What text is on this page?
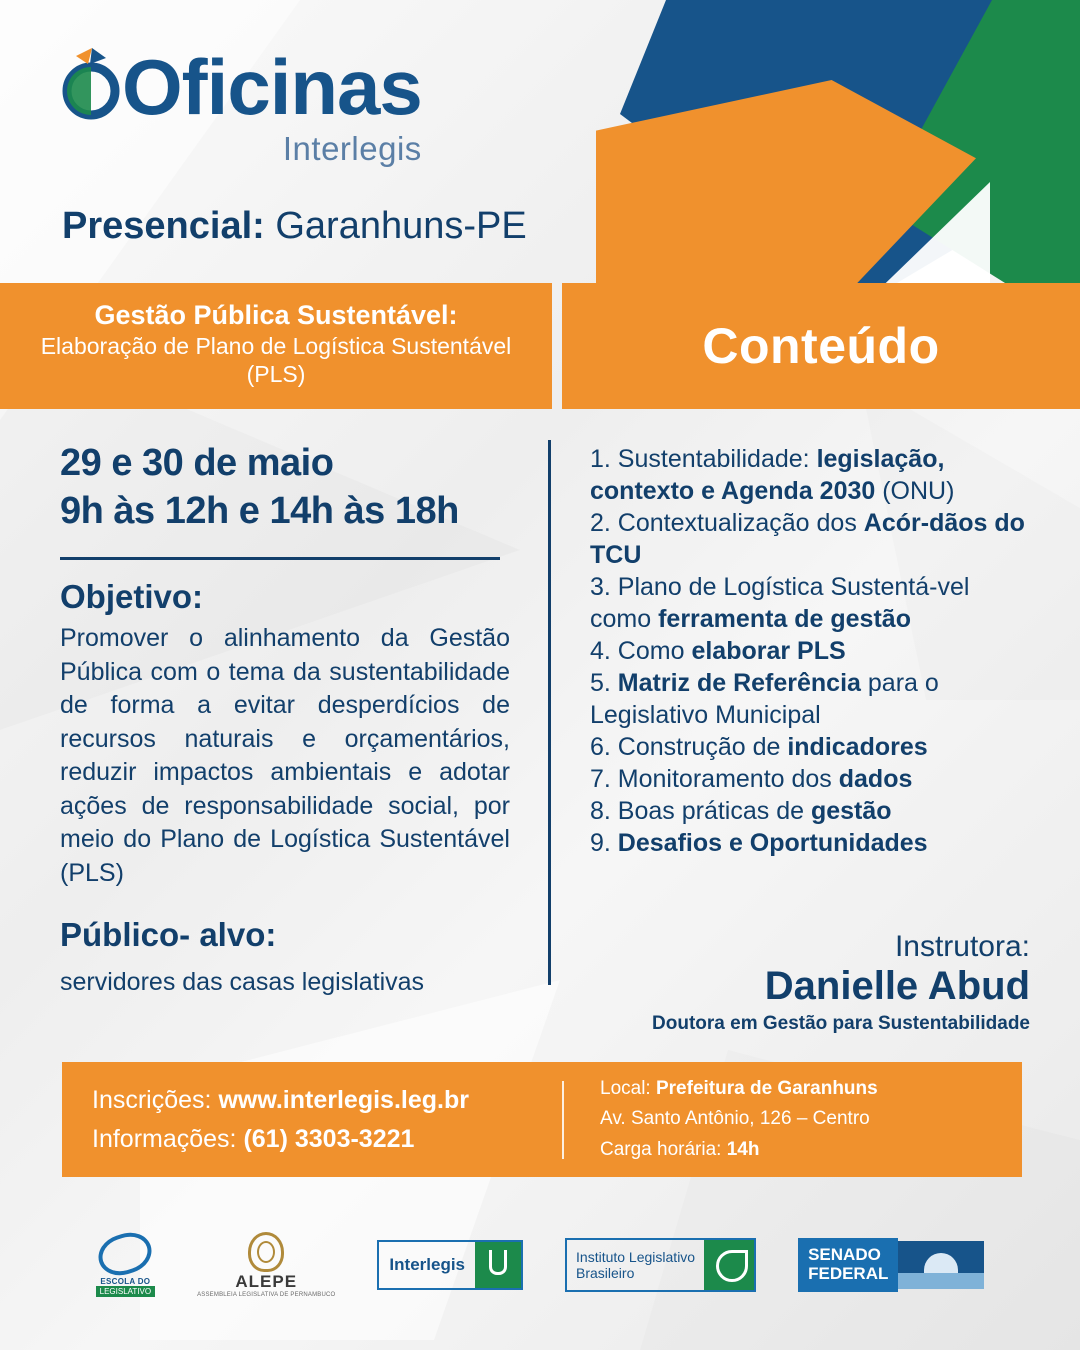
Oficinas
Interlegis
Presencial: Garanhuns-PE
Gestão Pública Sustentável:
Elaboração de Plano de Logística Sustentável (PLS)	Conteúdo
29 e 30 de maio
9h às 12h e 14h às 18h
Objetivo:
Promover o alinhamento da Gestão Pública com o tema da sustentabilidade de forma a evitar desperdícios de recursos naturais e orçamentários, reduzir impactos ambientais e adotar ações de responsabilidade social, por meio do Plano de Logística Sustentável (PLS)
Público- alvo:
servidores das casas legislativas
1. Sustentabilidade: legislação, contexto e Agenda 2030 (ONU)
2. Contextualização dos Acór-dãos do TCU
3. Plano de Logística Sustentá-vel como ferramenta de gestão
4. Como elaborar PLS
5. Matriz de Referência para o Legislativo Municipal
6. Construção de indicadores
7. Monitoramento dos dados
8. Boas práticas de gestão
9. Desafios e Oportunidades
Instrutora:
Danielle Abud
Doutora em Gestão para Sustentabilidade
Inscrições: www.interlegis.leg.br
Informações: (61) 3303-3221
Local: Prefeitura de Garanhuns
Av. Santo Antônio, 126 – Centro
Carga horária: 14h
ESCOLA DO
LEGISLATIVO	ALEPE
ASSEMBLEIA LEGISLATIVA DE PERNAMBUCO
Interlegis	Instituto Legislativo
Brasileiro
SENADO
FEDERAL
